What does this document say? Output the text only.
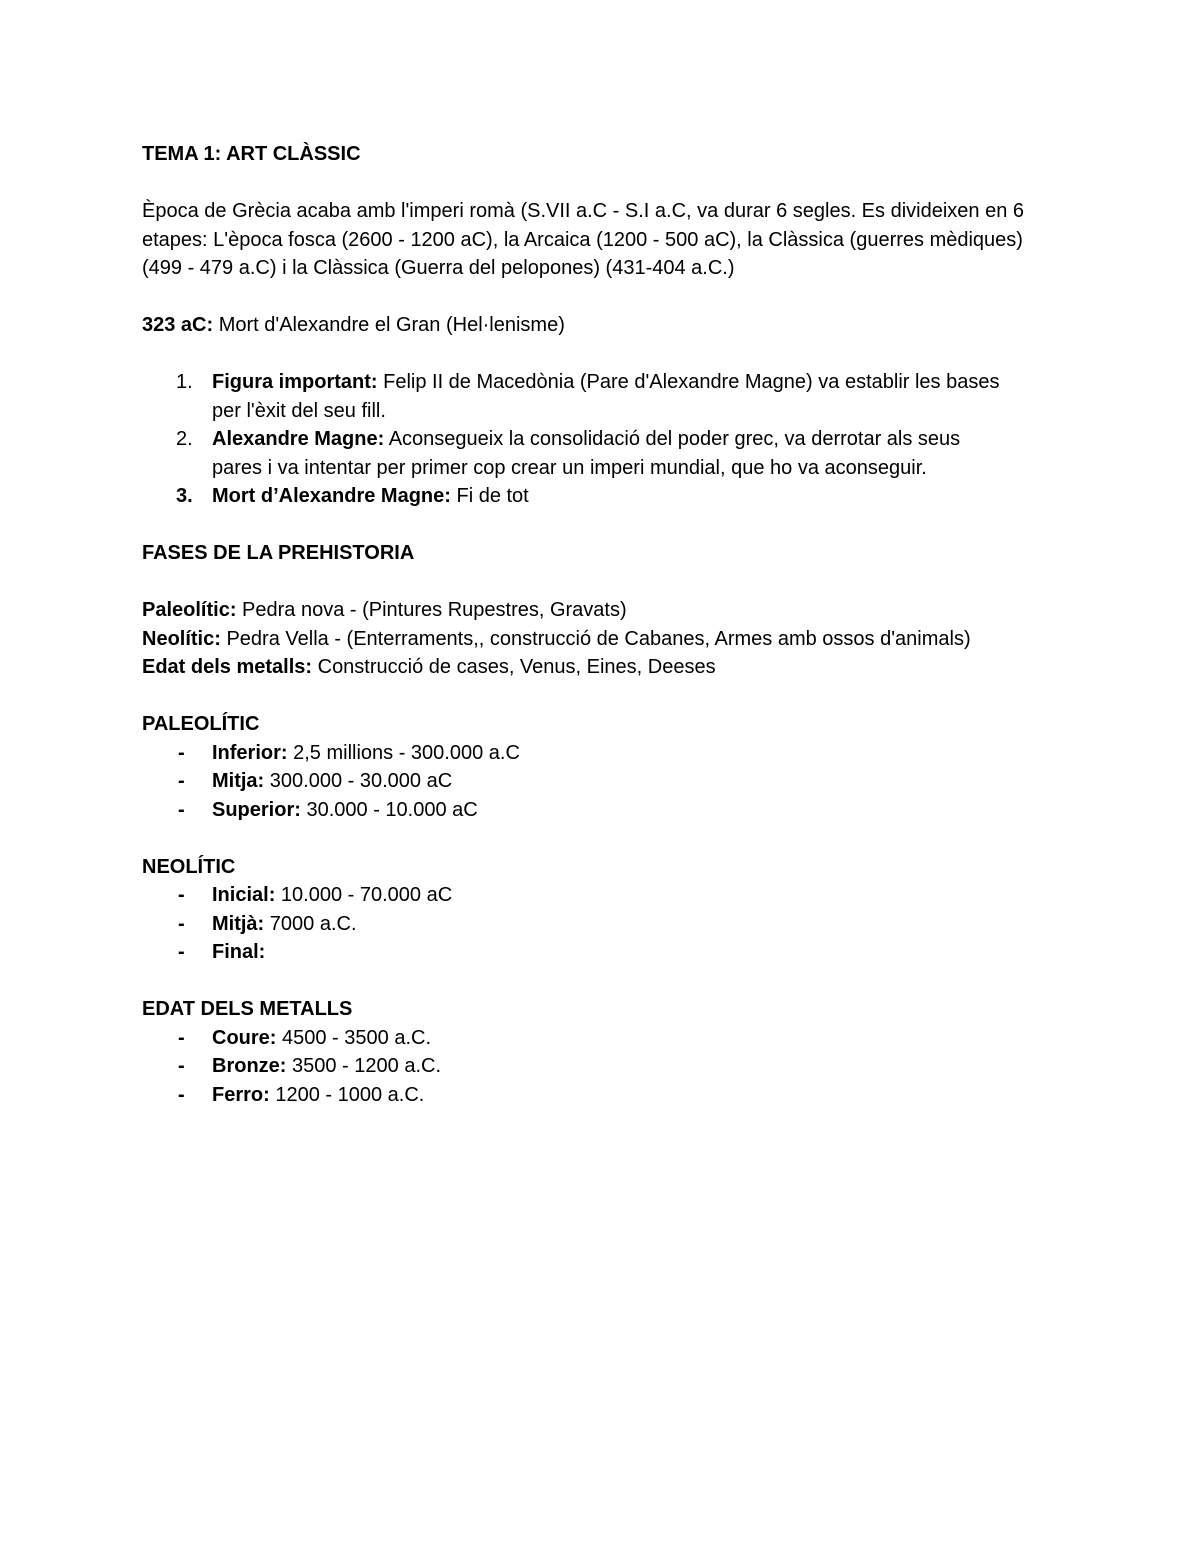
TEMA 1: ART CLÀSSIC
Època de Grècia acaba amb l'imperi romà (S.VII a.C - S.I a.C, va durar 6 segles. Es divideixen en 6 etapes: L'època fosca (2600 - 1200 aC), la Arcaica (1200 - 500 aC), la Clàssica (guerres mèdiques)(499 - 479 a.C) i la Clàssica (Guerra del pelopones) (431-404 a.C.)
323 aC: Mort d'Alexandre el Gran (Hel·lenisme)
1. Figura important: Felip II de Macedònia (Pare d'Alexandre Magne) va establir les bases per l'èxit del seu fill.
2. Alexandre Magne: Aconsegueix la consolidació del poder grec, va derrotar als seus pares i va intentar per primer cop crear un imperi mundial, que ho va aconseguir.
3. Mort d’Alexandre Magne: Fi de tot
FASES DE LA PREHISTORIA
Paleolític: Pedra nova - (Pintures Rupestres, Gravats)
Neolític: Pedra Vella - (Enterraments,, construcció de Cabanes, Armes amb ossos d'animals)
Edat dels metalls: Construcció de cases, Venus, Eines, Deeses
PALEOLÍTIC
- Inferior: 2,5 millions - 300.000 a.C
- Mitja: 300.000 - 30.000 aC
- Superior: 30.000 - 10.000 aC
NEOLÍTIC
- Inicial: 10.000 - 70.000 aC
- Mitjà: 7000 a.C.
- Final:
EDAT DELS METALLS
- Coure: 4500 - 3500 a.C.
- Bronze: 3500 - 1200 a.C.
- Ferro: 1200 - 1000 a.C.
